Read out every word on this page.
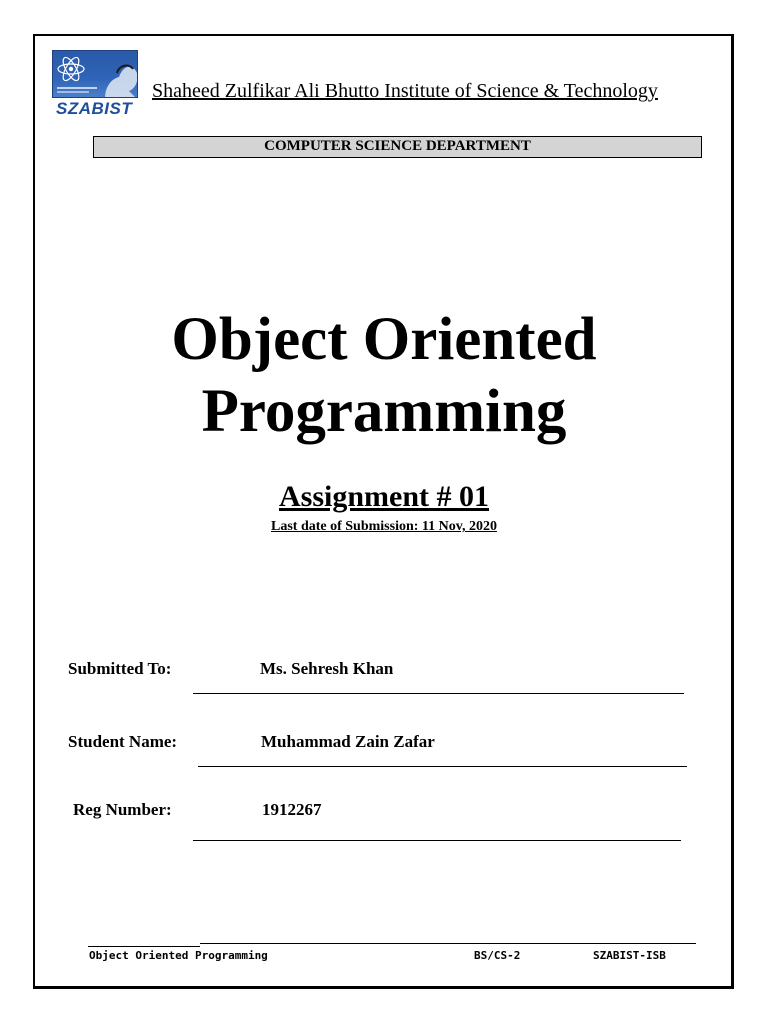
SZABIST
Shaheed Zulfikar Ali Bhutto Institute of Science & Technology
COMPUTER SCIENCE DEPARTMENT
Object Oriented
Programming
Assignment # 01
Last date of Submission: 11 Nov, 2020
Submitted To:	Ms. Sehresh Khan
Student Name:	Muhammad Zain Zafar
Reg Number:	1912267
Object Oriented Programming	BS/CS-2	SZABIST-ISB
